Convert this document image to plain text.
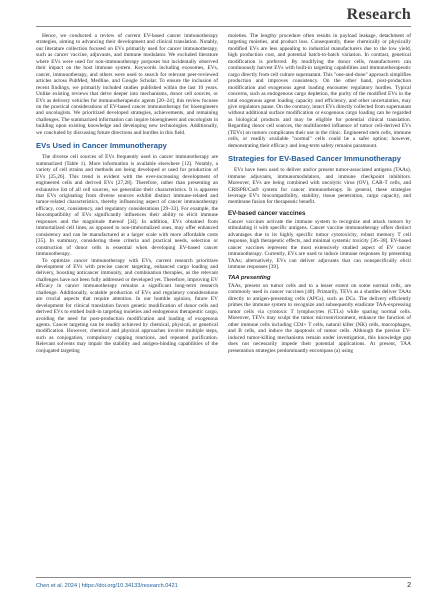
Research

Hence, we conducted a review of current EV-based cancer immunotherapy strategies, aiming to advancing their development and clinical translation. Notably, our literature collection focused on EVs primarily used for cancer immunotherapy, such as cancer vaccine, adjuvants, and immune modulator. We excluded literature where EVs were used for non-immunotherapy purposes but incidentally observed their impact on the host immune system. Keywords including exosomes, EVs, cancer, immunotherapy, and others were used to search for relevant peer-reviewed articles across PubMed, Medline, and Google Scholar. To ensure the inclusion of recent findings, we primarily included studies published within the last 10 years. Unlike existing reviews that delve deeper into mechanisms, donor cell sources, or EVs as delivery vehicles for immunotherapeutic agents [20–24], this review focuses on the practical considerations of EV-based cancer immunotherapy for bioengineers and oncologists. We prioritized developed strategies, achievements, and remaining challenges. The summarized information can inspire bioengineers and oncologists in building upon existing knowledge and developing new technologies. Additionally, we concluded by discussing future directions and hurdles in this field.

EVs Used in Cancer Immunotherapy

The diverse cell sources of EVs frequently used in cancer immunotherapy are summarized (Table 1). More information is available elsewhere [12]. Notably, a variety of cell strains and methods are being developed or used for production of EVs [25,26]. This trend is evident with the ever-increasing development of engineered cells and derived EVs [27,28]. Therefore, rather than presenting an exhaustive list of all cell sources, we generalize their characteristics. It is apparent that EVs originating from diverse sources exhibit distinct immune-related and tumor-related characteristics, thereby influencing aspect of cancer immunotherapy efficacy, cost, consistency, and regulatory considerations [29–33]. For example, the biocompatibility of EVs significantly influences their ability to elicit immune responses and the magnitude thereof [34]. In addition, EVs obtained from immortalized cell lines, as opposed to non-immortalized ones, may offer enhanced consistency and can be manufactured at a larger scale with more affordable costs [35]. In summary, considering these criteria and practical needs, selection or construction of donor cells is essential when developing EV-based cancer immunotherapy.

To optimize cancer immunotherapy with EVs, current research prioritizes development of EVs with precise cancer targeting, enhanced cargo loading and delivery, boosting anticancer immunity, and combination therapies, as the relevant challenges have not been fully addressed or developed yet. Therefore, improving EV efficacy in cancer immunotherapy remains a significant long-term research challenge. Additionally, scalable production of EVs and regulatory considerations are crucial aspects that require attention. In our humble opinion, future EV development for clinical translation favors genetic modification of donor cells and derived EVs to embed built-in targeting moieties and endogenous therapeutic cargo, avoiding the need for post-production modification and loading of exogenous agents. Cancer targeting can be readily achieved by chemical, physical, or genetical modification. However, chemical and physical approaches involve multiple steps, such as conjugation, compulsory capping reactions, and repeated purification. Relevant solvents may impair the stability and antigen-binding capabilities of the conjugated targeting

moieties. The lengthy procedure often results in payload leakage, detachment of targeting moieties, and product loss. Consequently, these chemically or physically modified EVs are less appealing to industrial manufacturers due to the low yield, high production cost, and potential batch-to-batch variation. In contrast, genetical modification is preferred. By modifying the donor cells, manufacturers can continuously harvest EVs with built-in targeting capabilities and immunotherapeutic cargo directly from cell culture supernatant. This "one-and-done" approach simplifies production and improves consistency. On the other hand, post-production modification and exogenous agent loading encounter regulatory hurdles. Typical concerns, such as endogenous cargo depletion, the purity of the modified EVs in the total exogenous agent loading capacity and efficiency, and other uncertainties, may give regulators pause. On the contrary, intact EVs directly collected from supernatant without additional surface modification or exogenous cargo loading can be regarded as biological products and may be eligible for potential clinical translation. Regarding donor cell sources, the multifaceted influence of tumor cell-derived EVs (TEVs) on tumors complicates their use in the clinic. Engineered stem cells, immune cells, or readily available "normal" cells could be a safer option; however, demonstrating their efficacy and long-term safety remains paramount.

Strategies for EV-Based Cancer Immunotherapy

EVs have been used to deliver and/or present tumor-associated antigens (TAAs), immune adjuvants, immunomodulators, and immune checkpoint inhibitors. Moreover, EVs are being combined with oncolytic virus (OV), CAR-T cells, and CRISPR/Cas9 system for cancer immunotherapy. In general, these strategies leverage EV's biocompatibility, stability, tissue penetration, cargo capacity, and membrane fusion for therapeutic benefit.

EV-based cancer vaccines

Cancer vaccines activate the immune system to recognize and attack tumors by stimulating it with specific antigens. Cancer vaccine immunotherapy offers distinct advantages due to its highly specific tumor cytotoxicity, robust memory T cell response, high therapeutic effects, and minimal systemic toxicity [36–38]. EV-based cancer vaccines represent the most extensively studied aspect of EV cancer immunotherapy. Currently, EVs are used to induce immune responses by presenting TAAs; alternatively, EVs can deliver adjuvants that can nonspecifically elicit immune responses [39].

TAA presenting

TAAs, present on tumor cells and to a lesser extent on some normal cells, are commonly used in cancer vaccines [40]. Primarily, TEVs as a shuttles deliver TAAs directly to antigen-presenting cells (APCs), such as DCs. The delivery efficiently primes the immune system to recognize and subsequently eradicate TAA-expressing tumor cells via cytotoxic T lymphocytes (CTLs) while sparing normal cells. Moreover, TEVs may sculpt the tumor microenvironment, enhance the function of other immune cells including CD4+ T cells, natural killer (NK) cells, macrophages, and B cells, and induce the apoptosis of tumor cells. Although the precise EV-induced tumor-killing mechanisms remain under investigation, this knowledge gap does not necessarily impede their potential applications. At present, TAA presentation strategies predominantly encompass (a) using

Chen et al. 2024 | https://doi.org/10.34133/research.0421	2
